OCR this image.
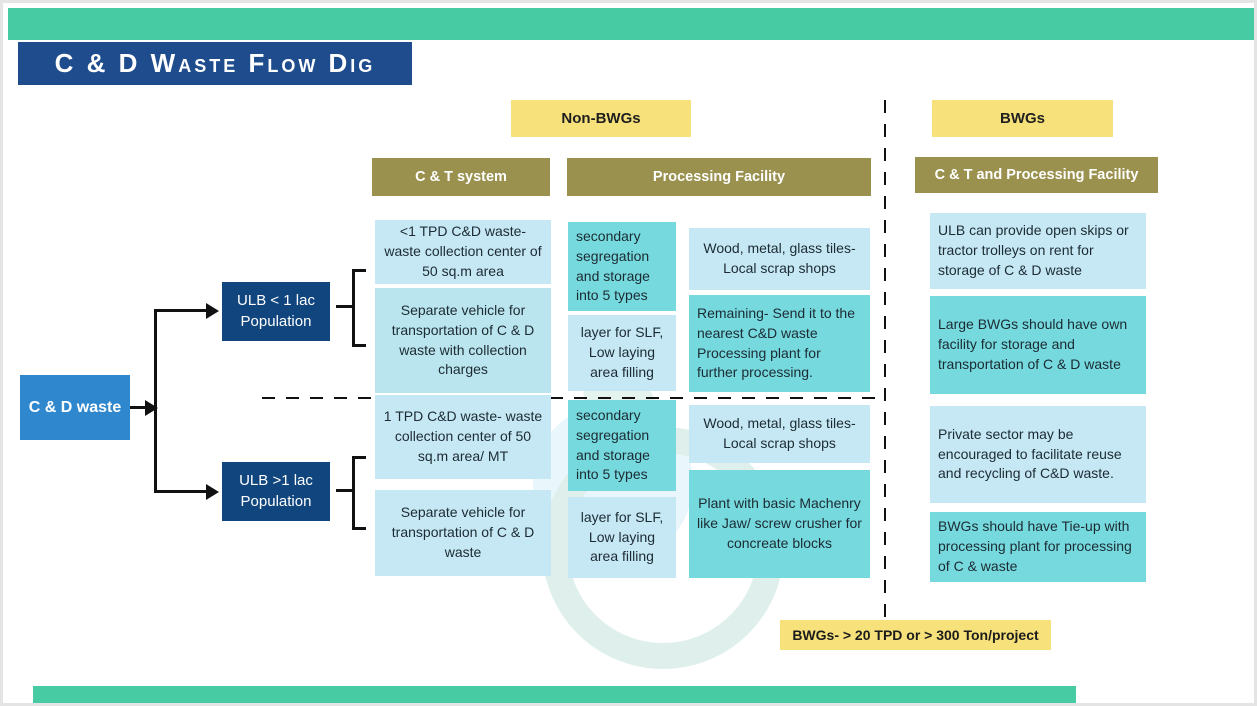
C & D Waste Flow Dig
Non-BWGs	BWGs
C & T system	Processing Facility	C & T and Processing Facility
C & D waste
ULB < 1 lac Population
ULB >1 lac Population
<1 TPD C&D waste- waste collection center of 50 sq.m area
Separate vehicle for transportation of C & D waste with collection charges
secondary segregation and storage into 5 types
layer for SLF, Low laying area filling
Wood, metal, glass tiles-Local scrap shops
Remaining- Send it to the nearest C&D waste Processing plant for further processing.
1 TPD C&D waste- waste collection center of 50 sq.m area/ MT
Separate vehicle for transportation of C & D waste
secondary segregation and storage into 5 types
layer for SLF, Low laying area filling
Wood, metal, glass tiles-Local scrap shops
Plant with basic Machenry like Jaw/ screw crusher for concreate blocks
ULB can provide open skips or tractor trolleys on rent for storage of C & D waste
Large BWGs should have own facility for storage and transportation of C & D waste
Private sector may be encouraged to facilitate reuse and recycling of C&D waste.
BWGs should have Tie-up with processing plant for processing of C & waste
BWGs- > 20 TPD or > 300 Ton/project
